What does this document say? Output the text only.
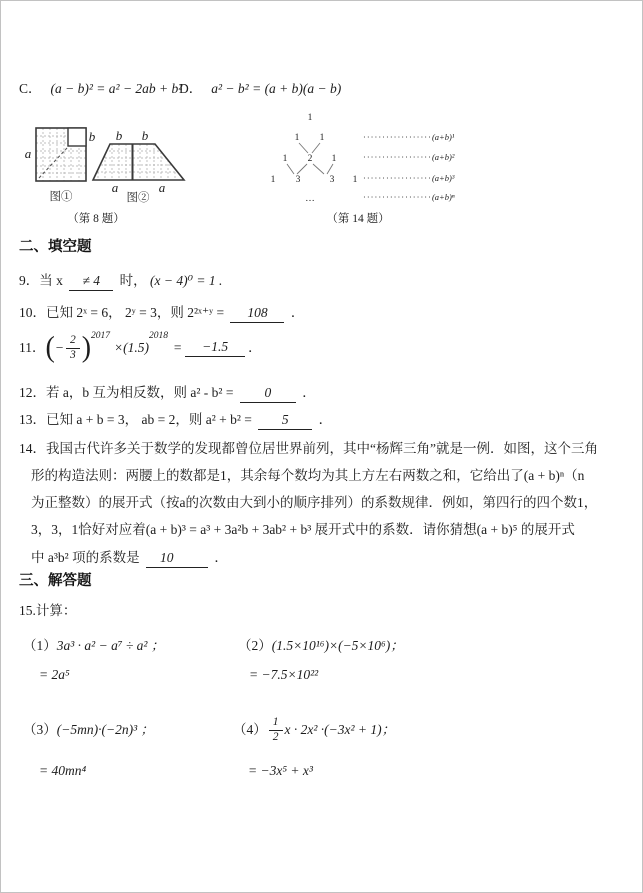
C． (a − b)² = a² − 2ab + b²
D． a² − b² = (a + b)(a − b)
a
b
图①
b b
a	a
图②
（第 8 题）
1
1 1
1 2 1
1 3	3 1
…
··················(a+b)¹
··················(a+b)²
··················(a+b)³
··················(a+b)ⁿ
（第 14 题）
二、填空题
9．当 x ≠ 4 时， (x − 4)⁰ = 1 .
10．已知 2ˣ = 6， 2ʸ = 3，则 2²ˣ⁺ʸ = 108 ．
11． ( − $\frac{2}{3}$ ) 2017
×(1.5)
2018
=	−1.5	．
12．若 a，b 互为相反数，则 a² - b² = 0 ．
13．已知 a + b = 3， ab = 2，则 a² + b² = 5 ．
14．我国古代许多关于数学的发现都曾位居世界前列，其中“杨辉三角”就是一例．如图，这个三角
形的构造法则：两腰上的数都是1，其余每个数均为其上方左右两数之和，它给出了(a + b)ⁿ（n
为正整数）的展开式（按a的次数由大到小的顺序排列）的系数规律．例如，第四行的四个数1，
3，3，1恰好对应着(a + b)³ = a³ + 3a²b + 3ab² + b³ 展开式中的系数．请你猜想(a + b)⁵ 的展开式
中 a³b² 项的系数是 10	．
三、解答题
15.计算：
（1）3a³ · a² − a⁷ ÷ a² ；	（2）(1.5×10¹⁶)×(−5×10⁶)；
= 2a⁵	= −7.5×10²²
（3）(−5mn)·(−2n)³ ；	$(4) \frac{1}{2}$ x · 2x² ·(−3x² + 1)；
= 40mn⁴	= −3x⁵ + x³
